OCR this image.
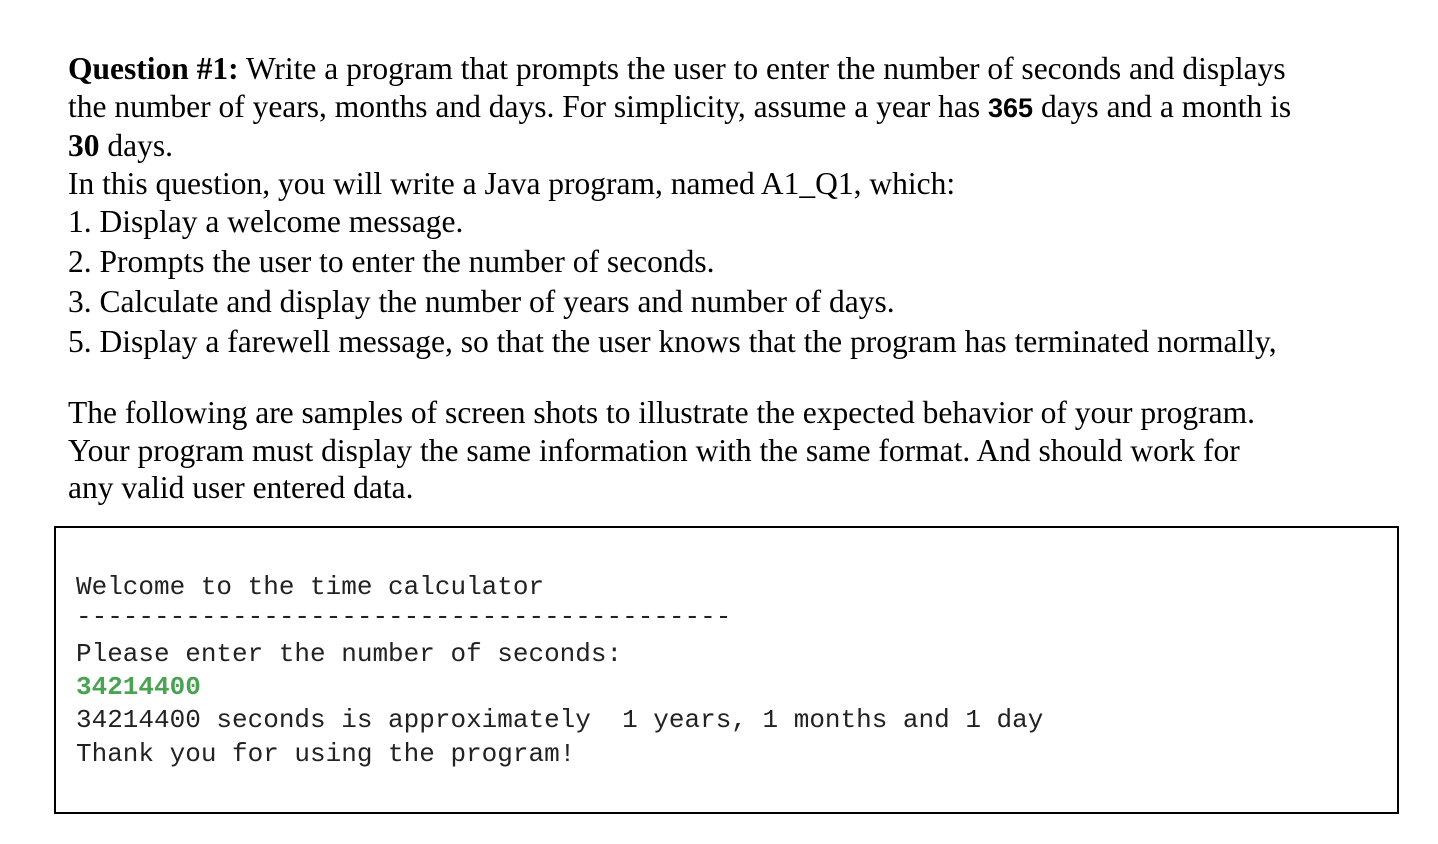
Question #1: Write a program that prompts the user to enter the number of seconds and displays

the number of years, months and days. For simplicity, assume a year has 365 days and a month is

30 days.

In this question, you will write a Java program, named A1_Q1, which:

1. Display a welcome message.

2. Prompts the user to enter the number of seconds.

3. Calculate and display the number of years and number of days.

5. Display a farewell message, so that the user knows that the program has terminated normally,

The following are samples of screen shots to illustrate the expected behavior of your program.

Your program must display the same information with the same format. And should work for

any valid user entered data.

Welcome to the time calculator

------------------------------------------

Please enter the number of seconds:

34214400

34214400 seconds is approximately  1 years, 1 months and 1 day

Thank you for using the program!
